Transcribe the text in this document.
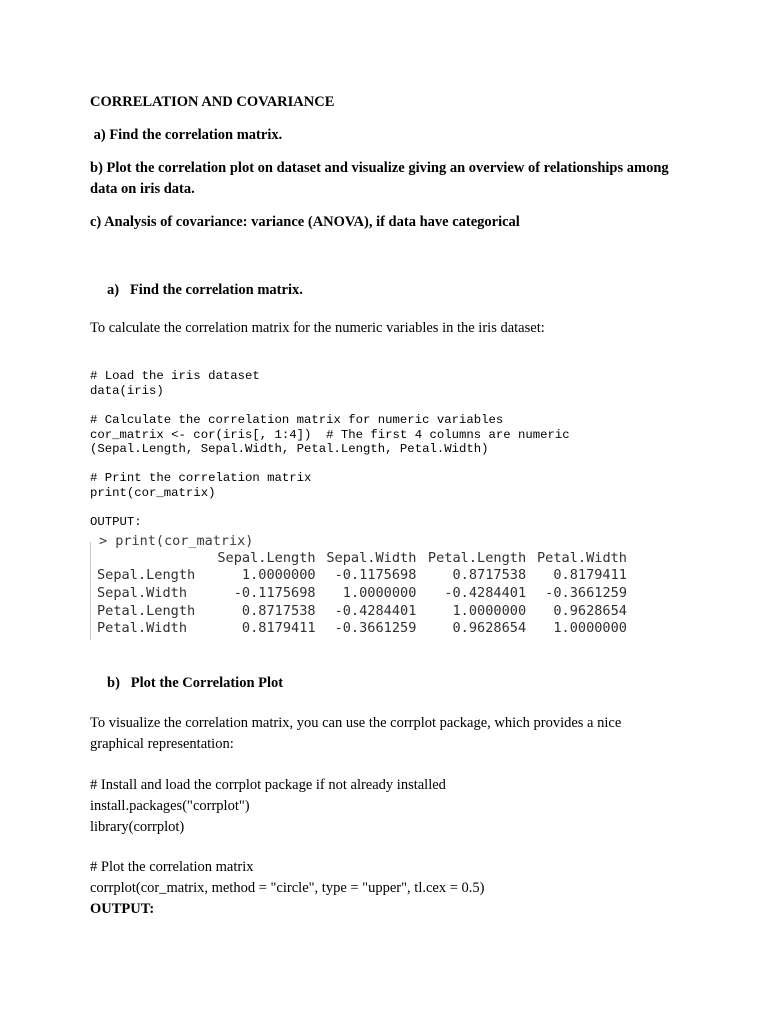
CORRELATION AND COVARIANCE
a) Find the correlation matrix.
b) Plot the correlation plot on dataset and visualize giving an overview of relationships among data on iris data.
c) Analysis of covariance: variance (ANOVA), if data have categorical
a)   Find the correlation matrix.
To calculate the correlation matrix for the numeric variables in the iris dataset:
# Load the iris dataset
data(iris)
# Calculate the correlation matrix for numeric variables
cor_matrix <- cor(iris[, 1:4])  # The first 4 columns are numeric
(Sepal.Length, Sepal.Width, Petal.Length, Petal.Width)
# Print the correlation matrix
print(cor_matrix)
OUTPUT:
> print(cor_matrix)
	Sepal.Length	Sepal.Width	Petal.Length	Petal.Width
Sepal.Length	1.0000000	-0.1175698	0.8717538	0.8179411
Sepal.Width	-0.1175698	1.0000000	-0.4284401	-0.3661259
Petal.Length	0.8717538	-0.4284401	1.0000000	0.9628654
Petal.Width	0.8179411	-0.3661259	0.9628654	1.0000000
b)   Plot the Correlation Plot
To visualize the correlation matrix, you can use the corrplot package, which provides a nice graphical representation:
# Install and load the corrplot package if not already installed
install.packages("corrplot")
library(corrplot)
# Plot the correlation matrix
corrplot(cor_matrix, method = "circle", type = "upper", tl.cex = 0.5)
OUTPUT:
